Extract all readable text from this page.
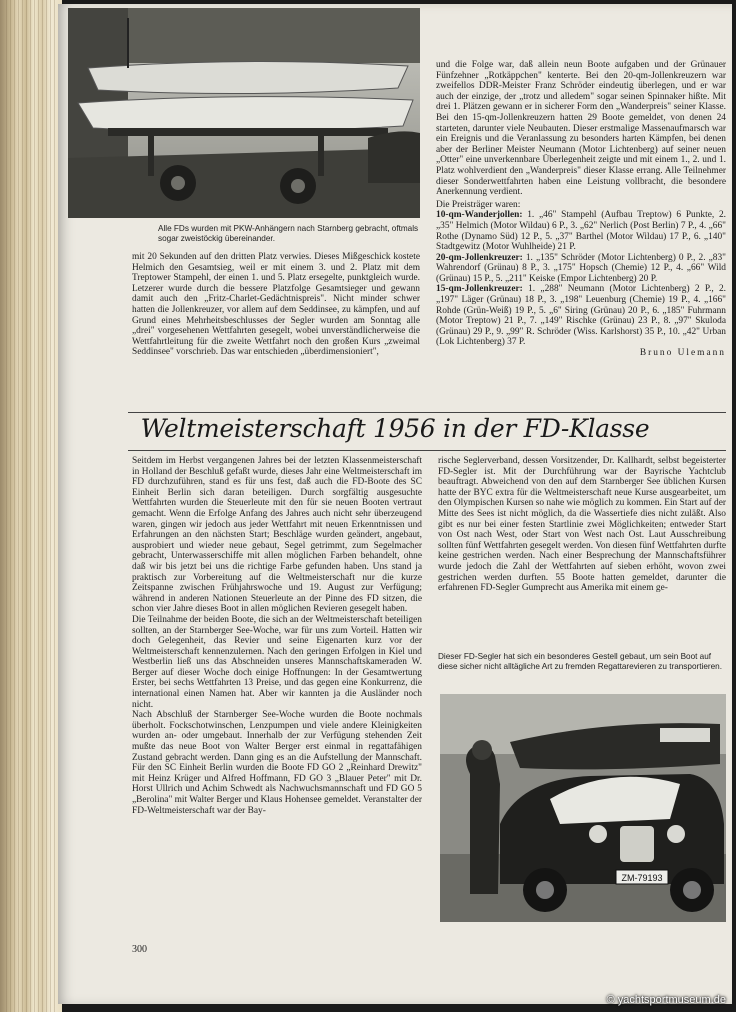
Alle FDs wurden mit PKW-Anhängern nach Starnberg gebracht, oftmals sogar zweistöckig übereinander.

mit 20 Sekunden auf den dritten Platz verwies. Dieses Mißgeschick kostete Helmich den Gesamtsieg, weil er mit einem 3. und 2. Platz mit dem Treptower Stampehl, der einen 1. und 5. Platz ersegelte, punktgleich wurde. Letzerer wurde durch die bessere Platzfolge Gesamtsieger und gewann damit auch den „Fritz-Charlet-Gedächtnispreis". Nicht minder schwer hatten die Jollenkreuzer, vor allem auf dem Seddinsee, zu kämpfen, und auf Grund eines Mehrheitsbeschlusses der Segler wurden am Sonntag alle „drei" vorgesehenen Wettfahrten gesegelt, wobei unverständlicherweise die Wettfahrtleitung für die zweite Wettfahrt noch den großen Kurs „zweimal Seddinsee" vorschrieb. Das war entschieden „überdimensioniert",

und die Folge war, daß allein neun Boote aufgaben und der Grünauer Fünfzehner „Rotkäppchen" kenterte. Bei den 20-qm-Jollenkreuzern war zweifellos DDR-Meister Franz Schröder eindeutig überlegen, und er war auch der einzige, der „trotz und alledem" sogar seinen Spinnaker hißte. Mit drei 1. Plätzen gewann er in sicherer Form den „Wanderpreis" seiner Klasse. Bei den 15-qm-Jollenkreuzern hatten 29 Boote gemeldet, von denen 24 starteten, darunter viele Neubauten. Dieser erstmalige Massenaufmarsch war ein Ereignis und die Veranlassung zu besonders harten Kämpfen, bei denen aber der Berliner Meister Neumann (Motor Lichtenberg) auf seiner neuen „Otter" eine unverkennbare Überlegenheit zeigte und mit einem 1., 2. und 1. Platz wohlverdient den „Wanderpreis" dieser Klasse errang. Alle Teilnehmer dieser Sonderwettfahrten haben eine Leistung vollbracht, die besondere Anerkennung verdient.

Die Preisträger waren:

10-qm-Wanderjollen: 1. „46" Stampehl (Aufbau Treptow) 6 Punkte, 2. „35" Helmich (Motor Wildau) 6 P., 3. „62" Nerlich (Post Berlin) 7 P., 4. „66" Rothe (Dynamo Süd) 12 P., 5. „37" Barthel (Motor Wildau) 17 P., 6. „140" Stadtgewitz (Motor Wuhlheide) 21 P.

20-qm-Jollenkreuzer: 1. „135" Schröder (Motor Lichtenberg) 0 P., 2. „83" Wahrendorf (Grünau) 8 P., 3. „175" Hopsch (Chemie) 12 P., 4. „66" Wild (Grünau) 15 P., 5. „211" Keiske (Empor Lichtenberg) 20 P.

15-qm-Jollenkreuzer: 1. „288" Neumann (Motor Lichtenberg) 2 P., 2. „197" Läger (Grünau) 18 P., 3. „198" Leuenburg (Chemie) 19 P., 4. „166" Rohde (Grün-Weiß) 19 P., 5. „6" Siring (Grünau) 20 P., 6. „185" Fuhrmann (Motor Treptow) 21 P., 7. „149" Rischke (Grünau) 23 P., 8. „97" Skuloda (Grünau) 29 P., 9. „99" R. Schröder (Wiss. Karlshorst) 35 P., 10. „42" Urban (Lok Lichtenberg) 37 P.

Bruno Ulemann

Weltmeisterschaft 1956 in der FD-Klasse

Seitdem im Herbst vergangenen Jahres bei der letzten Klassenmeisterschaft in Holland der Beschluß gefaßt wurde, dieses Jahr eine Weltmeisterschaft im FD durchzuführen, stand es für uns fest, daß auch die FD-Boote des SC Einheit Berlin sich daran beteiligen. Durch sorgfältig ausgesuchte Wettfahrten wurden die Steuerleute mit den für sie neuen Booten vertraut gemacht. Wenn die Erfolge Anfang des Jahres auch nicht sehr überzeugend waren, gingen wir jedoch aus jeder Wettfahrt mit neuen Erkenntnissen und Erfahrungen an den nächsten Start; Beschläge wurden geändert, angebaut, ausprobiert und wieder neue gebaut, Segel getrimmt, zum Segelmacher gebracht, Unterwasserschiffe mit allen möglichen Farben behandelt, ohne daß wir bis jetzt bei uns die richtige Farbe gefunden haben. Uns stand ja praktisch zur Vorbereitung auf die Weltmeisterschaft nur die kurze Zeitspanne zwischen Frühjahrswoche und 19. August zur Verfügung; während in anderen Nationen Steuerleute an der Pinne des FD sitzen, die schon vier Jahre dieses Boot in allen möglichen Revieren gesegelt haben.

Die Teilnahme der beiden Boote, die sich an der Weltmeisterschaft beteiligen sollten, an der Starnberger See-Woche, war für uns zum Vorteil. Hatten wir doch Gelegenheit, das Revier und seine Eigenarten kurz vor der Weltmeisterschaft kennenzulernen. Nach den geringen Erfolgen in Kiel und Westberlin ließ uns das Abschneiden unseres Mannschaftskameraden W. Berger auf dieser Woche doch einige Hoffnungen: In der Gesamtwertung Erster, bei sechs Wettfahrten 13 Preise, und das gegen eine Konkurrenz, die international einen Namen hat. Aber wir kannten ja die Ausländer noch nicht.

Nach Abschluß der Starnberger See-Woche wurden die Boote nochmals überholt. Fockschotwinschen, Lenzpumpen und viele andere Kleinigkeiten wurden an- oder umgebaut. Innerhalb der zur Verfügung stehenden Zeit mußte das neue Boot von Walter Berger erst einmal in regattafähigen Zustand gebracht werden. Dann ging es an die Aufstellung der Mannschaft. Für den SC Einheit Berlin wurden die Boote FD GO 2 „Reinhard Drewitz" mit Heinz Krüger und Alfred Hoffmann, FD GO 3 „Blauer Peter" mit Dr. Horst Ullrich und Achim Schwedt als Nachwuchsmannschaft und FD GO 5 „Berolina" mit Walter Berger und Klaus Hohensee gemeldet. Veranstalter der FD-Weltmeisterschaft war der Bay-

rische Seglerverband, dessen Vorsitzender, Dr. Kallhardt, selbst begeisterter FD-Segler ist. Mit der Durchführung war der Bayrische Yachtclub beauftragt. Abweichend von den auf dem Starnberger See üblichen Kursen hatte der BYC extra für die Weltmeisterschaft neue Kurse ausgearbeitet, um den Olympischen Kursen so nahe wie möglich zu kommen. Ein Start auf der Mitte des Sees ist nicht möglich, da die Wassertiefe dies nicht zuläßt. Also gibt es nur bei einer festen Startlinie zwei Möglichkeiten; entweder Start von Ost nach West, oder Start von West nach Ost. Laut Ausschreibung sollten fünf Wettfahrten gesegelt werden. Von diesen fünf Wettfahrten durfte keine gestrichen werden. Nach einer Besprechung der Mannschaftsführer wurde jedoch die Zahl der Wettfahrten auf sieben erhöht, wovon zwei gestrichen werden durften. 55 Boote hatten gemeldet, darunter die erfahrenen FD-Segler Gumprecht aus Amerika mit einem ge-

Dieser FD-Segler hat sich ein besonderes Gestell gebaut, um sein Boot auf diese sicher nicht alltägliche Art zu fremden Regattarevieren zu transportieren.

ZM-79193
300
© yachtsportmuseum.de
